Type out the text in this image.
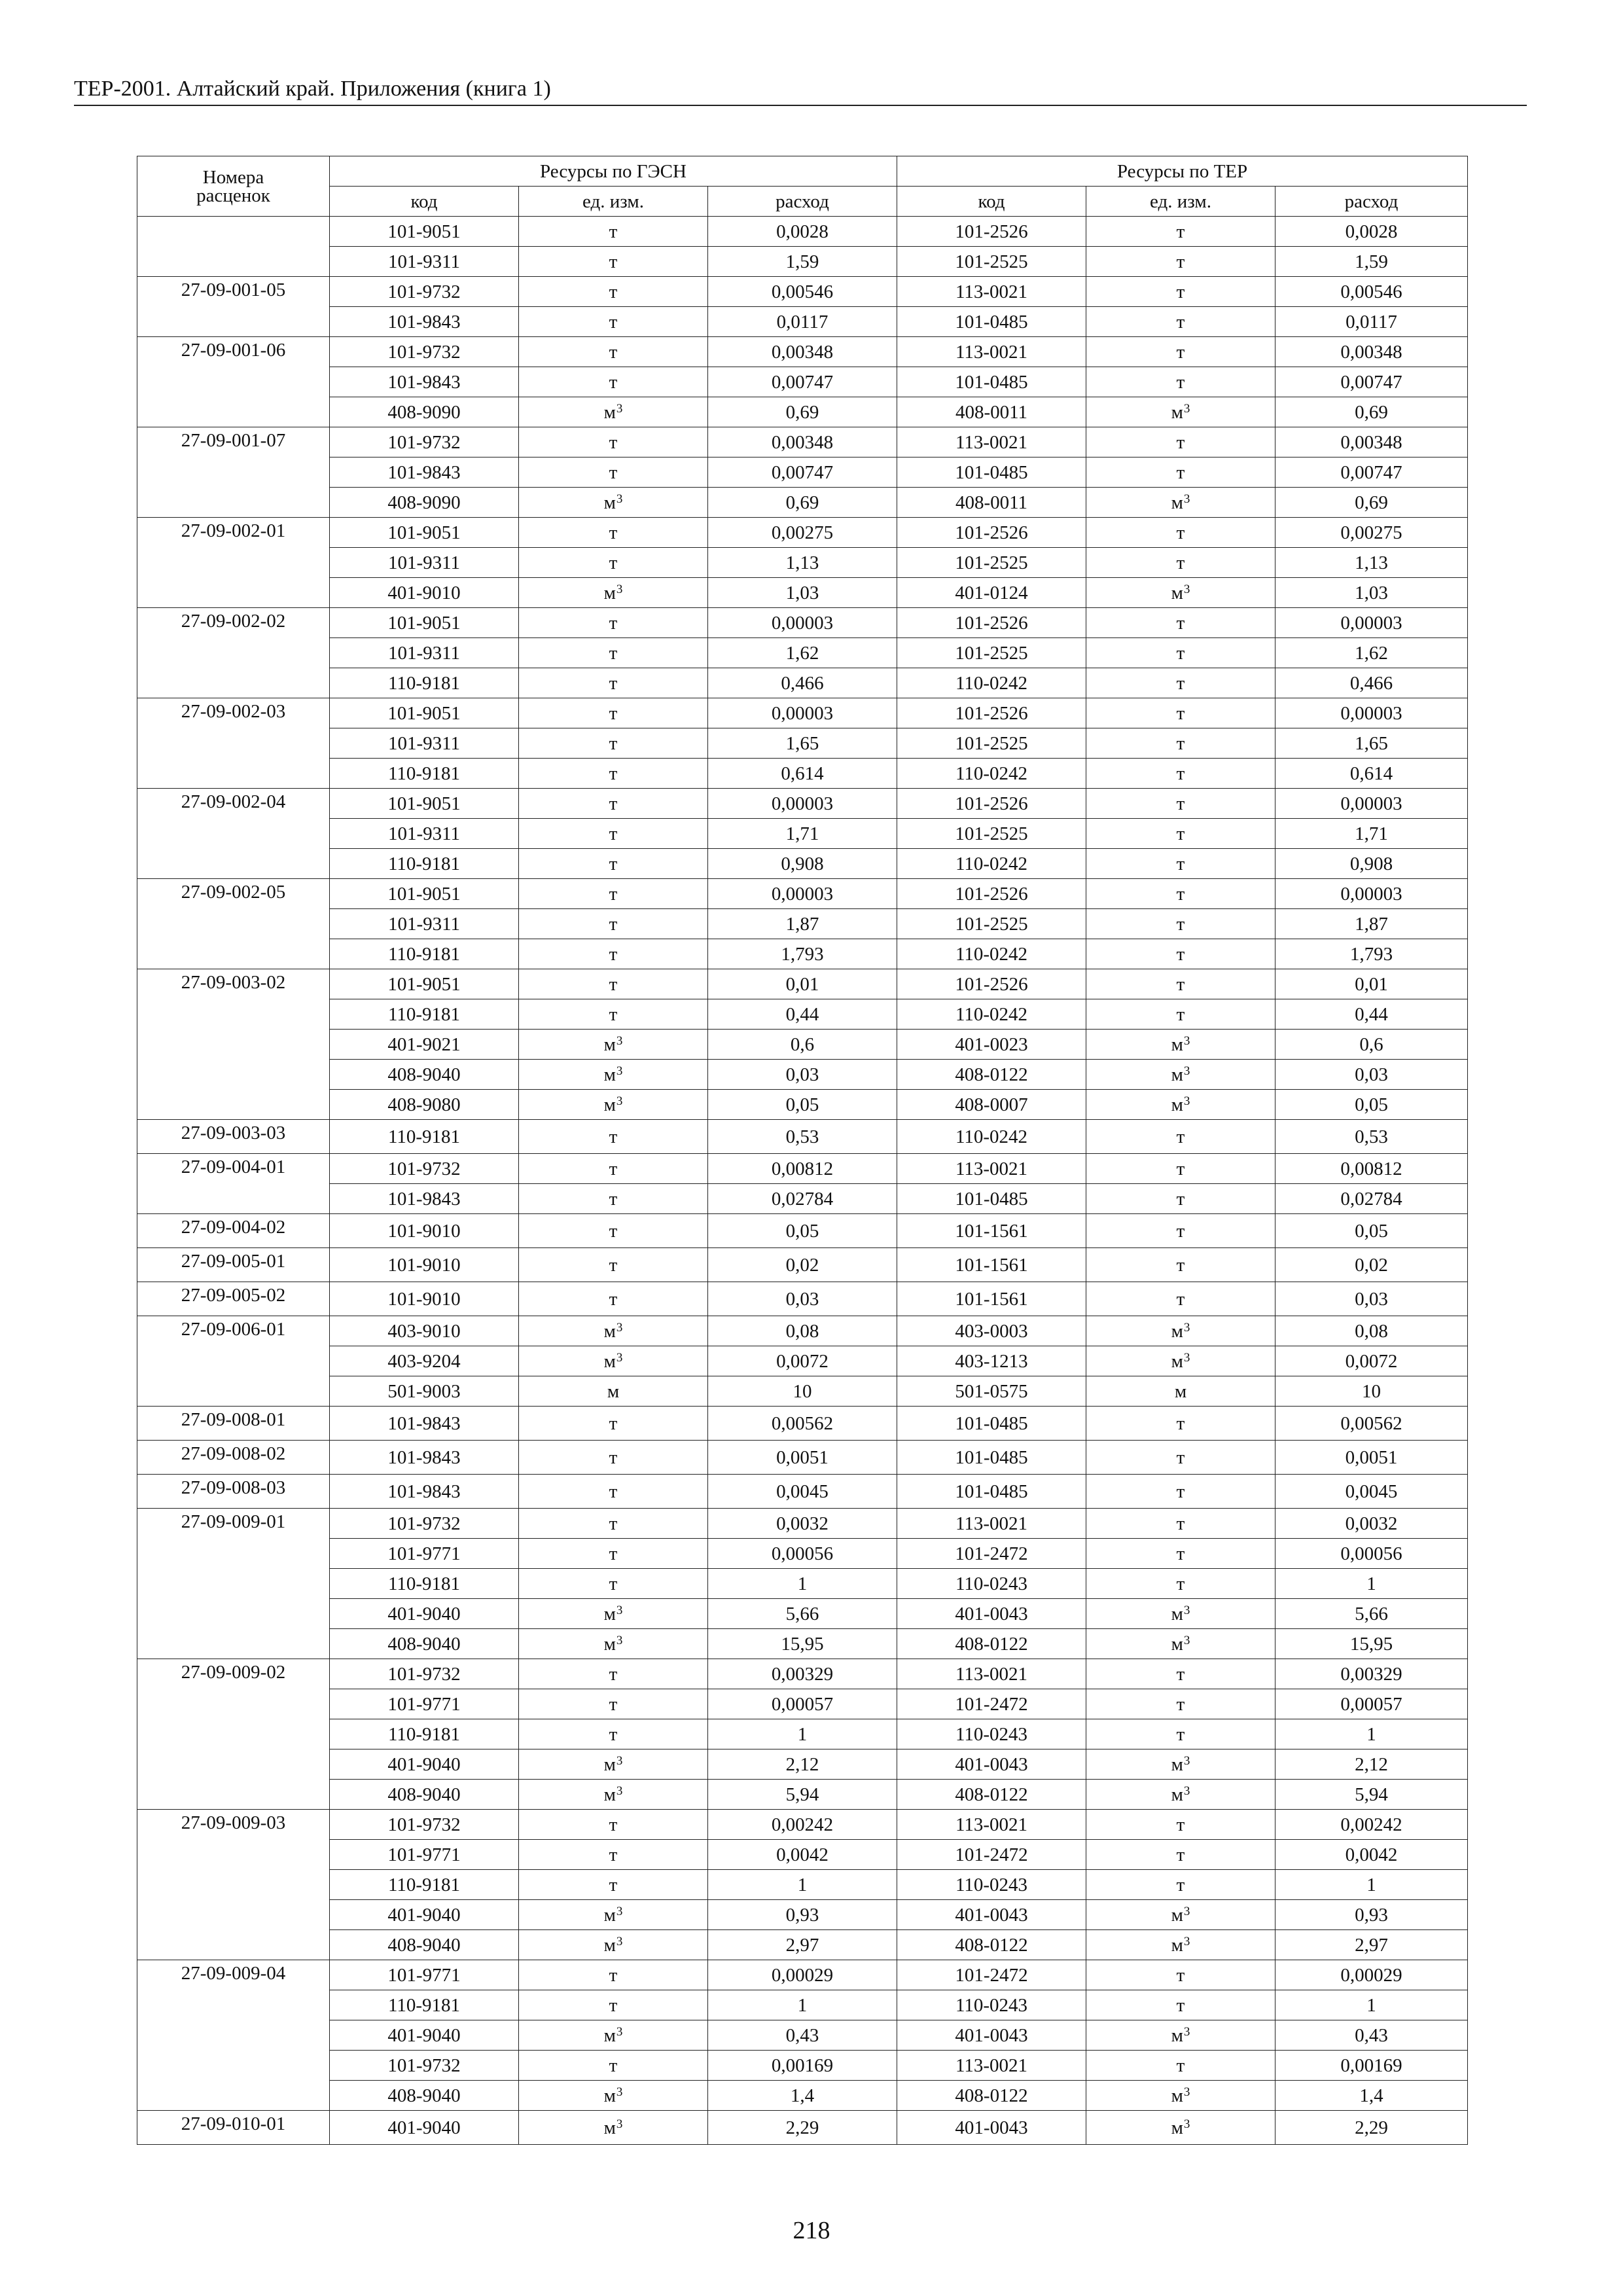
ТЕР-2001. Алтайский край. Приложения (книга 1)
Номера
расценок	Ресурсы по ГЭСН			Ресурсы по ТЕР		
	код	ед. изм.	расход	код	ед. изм.	расход
	101-9051	т	0,0028	101-2526	т	0,0028
	101-9311	т	1,59	101-2525	т	1,59
27-09-001-05	101-9732	т	0,00546	113-0021	т	0,00546
	101-9843	т	0,0117	101-0485	т	0,0117
27-09-001-06	101-9732	т	0,00348	113-0021	т	0,00348
	101-9843	т	0,00747	101-0485	т	0,00747
	408-9090	$м^3$	0,69	408-0011	$м^3$	0,69
27-09-001-07	101-9732	т	0,00348	113-0021	т	0,00348
	101-9843	т	0,00747	101-0485	т	0,00747
	408-9090	$м^3$	0,69	408-0011	$м^3$	0,69
27-09-002-01	101-9051	т	0,00275	101-2526	т	0,00275
	101-9311	т	1,13	101-2525	т	1,13
	401-9010	$м^3$	1,03	401-0124	$м^3$	1,03
27-09-002-02	101-9051	т	0,00003	101-2526	т	0,00003
	101-9311	т	1,62	101-2525	т	1,62
	110-9181	т	0,466	110-0242	т	0,466
27-09-002-03	101-9051	т	0,00003	101-2526	т	0,00003
	101-9311	т	1,65	101-2525	т	1,65
	110-9181	т	0,614	110-0242	т	0,614
27-09-002-04	101-9051	т	0,00003	101-2526	т	0,00003
	101-9311	т	1,71	101-2525	т	1,71
	110-9181	т	0,908	110-0242	т	0,908
27-09-002-05	101-9051	т	0,00003	101-2526	т	0,00003
	101-9311	т	1,87	101-2525	т	1,87
	110-9181	т	1,793	110-0242	т	1,793
27-09-003-02	101-9051	т	0,01	101-2526	т	0,01
	110-9181	т	0,44	110-0242	т	0,44
	401-9021	$м^3$	0,6	401-0023	$м^3$	0,6
	408-9040	$м^3$	0,03	408-0122	$м^3$	0,03
	408-9080	$м^3$	0,05	408-0007	$м^3$	0,05
27-09-003-03	110-9181	т	0,53	110-0242	т	0,53
27-09-004-01	101-9732	т	0,00812	113-0021	т	0,00812
	101-9843	т	0,02784	101-0485	т	0,02784
27-09-004-02	101-9010	т	0,05	101-1561	т	0,05
27-09-005-01	101-9010	т	0,02	101-1561	т	0,02
27-09-005-02	101-9010	т	0,03	101-1561	т	0,03
27-09-006-01	403-9010	$м^3$	0,08	403-0003	$м^3$	0,08
	403-9204	$м^3$	0,0072	403-1213	$м^3$	0,0072
	501-9003	м	10	501-0575	м	10
27-09-008-01	101-9843	т	0,00562	101-0485	т	0,00562
27-09-008-02	101-9843	т	0,0051	101-0485	т	0,0051
27-09-008-03	101-9843	т	0,0045	101-0485	т	0,0045
27-09-009-01	101-9732	т	0,0032	113-0021	т	0,0032
	101-9771	т	0,00056	101-2472	т	0,00056
	110-9181	т	1	110-0243	т	1
	401-9040	$м^3$	5,66	401-0043	$м^3$	5,66
	408-9040	$м^3$	15,95	408-0122	$м^3$	15,95
27-09-009-02	101-9732	т	0,00329	113-0021	т	0,00329
	101-9771	т	0,00057	101-2472	т	0,00057
	110-9181	т	1	110-0243	т	1
	401-9040	$м^3$	2,12	401-0043	$м^3$	2,12
	408-9040	$м^3$	5,94	408-0122	$м^3$	5,94
27-09-009-03	101-9732	т	0,00242	113-0021	т	0,00242
	101-9771	т	0,0042	101-2472	т	0,0042
	110-9181	т	1	110-0243	т	1
	401-9040	$м^3$	0,93	401-0043	$м^3$	0,93
	408-9040	$м^3$	2,97	408-0122	$м^3$	2,97
27-09-009-04	101-9771	т	0,00029	101-2472	т	0,00029
	110-9181	т	1	110-0243	т	1
	401-9040	$м^3$	0,43	401-0043	$м^3$	0,43
	101-9732	т	0,00169	113-0021	т	0,00169
	408-9040	$м^3$	1,4	408-0122	$м^3$	1,4
27-09-010-01	401-9040	$м^3$	2,29	401-0043	$м^3$	2,29
218
